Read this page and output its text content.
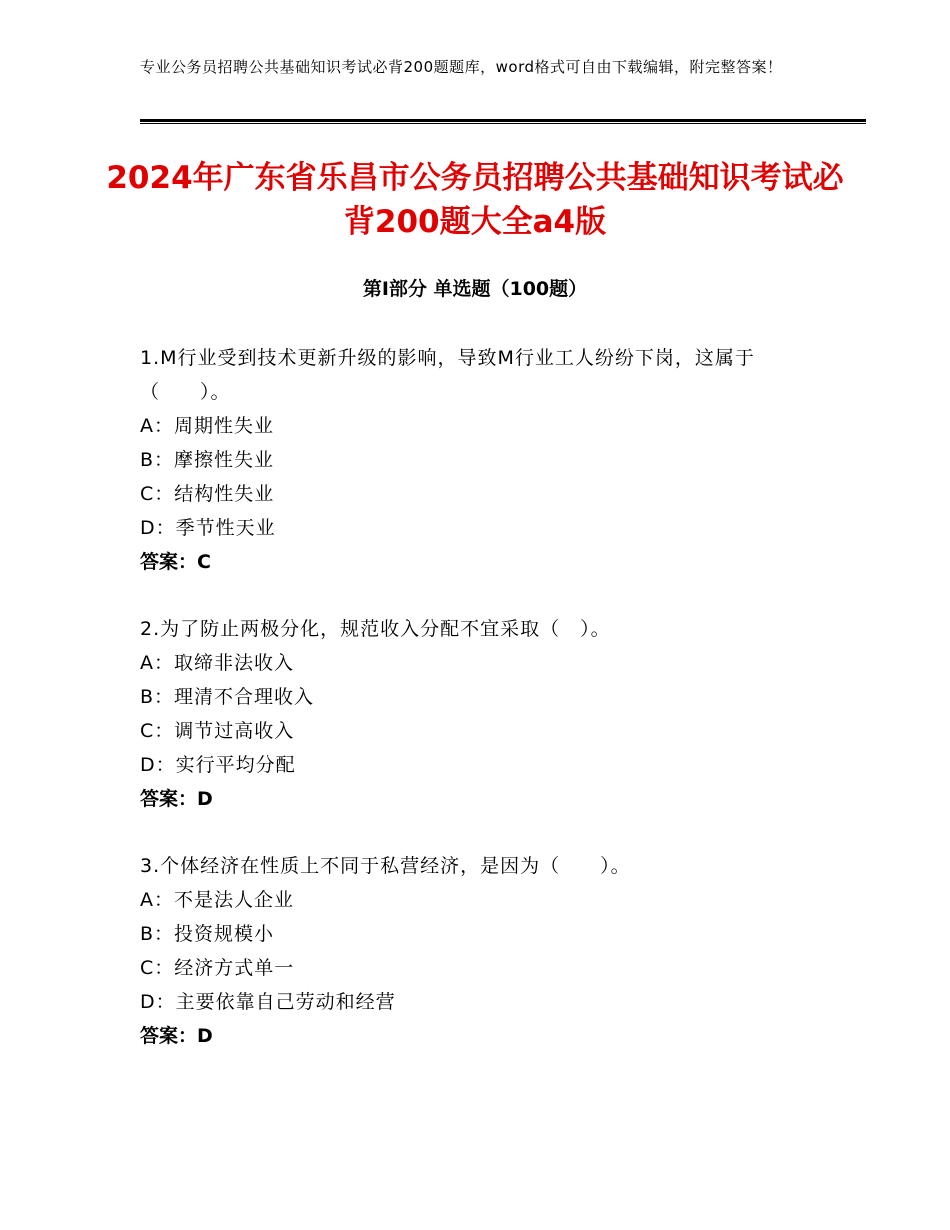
专业公务员招聘公共基础知识考试必背200题题库，word格式可自由下载编辑，附完整答案！
2024年广东省乐昌市公务员招聘公共基础知识考试必背200题大全a4版
第Ⅰ部分 单选题（100题）

1.M行业受到技术更新升级的影响，导致M行业工人纷纷下岗，这属于（　　）。

A：周期性失业

B：摩擦性失业

C：结构性失业

D：季节性天业

答案：C

2.为了防止两极分化，规范收入分配不宜采取（　）。

A：取缔非法收入

B：理清不合理收入

C：调节过高收入

D：实行平均分配

答案：D

3.个体经济在性质上不同于私营经济，是因为（　　）。

A：不是法人企业

B：投资规模小

C：经济方式单一

D：主要依靠自己劳动和经营

答案：D
